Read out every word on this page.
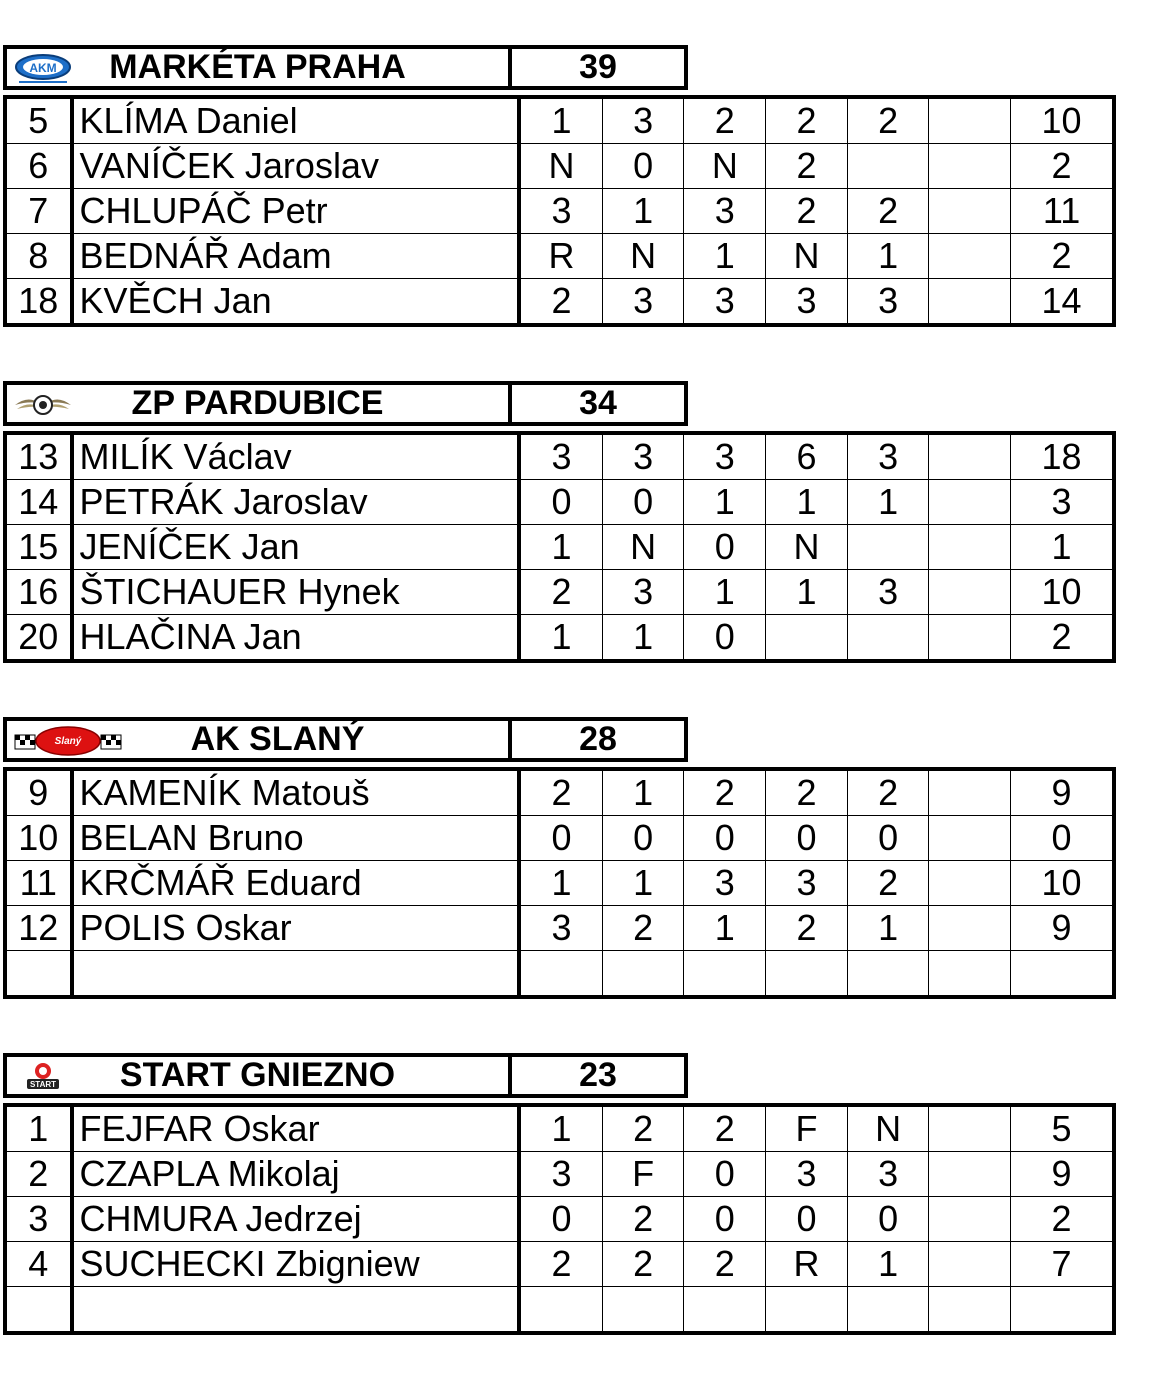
AKM	MARKÉTA PRAHA	39
5	KLÍMA Daniel	1	3	2	2	2		10
6	VANÍČEK Jaroslav	N	0	N	2			2
7	CHLUPÁČ Petr	3	1	3	2	2		11
8	BEDNÁŘ Adam	R	N	1	N	1		2
18	KVĚCH Jan	2	3	3	3	3		14
ZP PARDUBICE	34
13	MILÍK Václav	3	3	3	6	3		18
14	PETRÁK Jaroslav	0	0	1	1	1		3
15	JENÍČEK Jan	1	N	0	N			1
16	ŠTICHAUER Hynek	2	3	1	1	3		10
20	HLAČINA Jan	1	1	0				2
Slaný	AK SLANÝ	28
9	KAMENÍK Matouš	2	1	2	2	2		9
10	BELAN Bruno	0	0	0	0	0		0
11	KRČMÁŘ Eduard	1	1	3	3	2		10
12	POLIS Oskar	3	2	1	2	1		9

START	START GNIEZNO	23
1	FEJFAR Oskar	1	2	2	F	N		5
2	CZAPLA Mikolaj	3	F	0	3	3		9
3	CHMURA Jedrzej	0	2	0	0	0		2
4	SUCHECKI Zbigniew	2	2	2	R	1		7
